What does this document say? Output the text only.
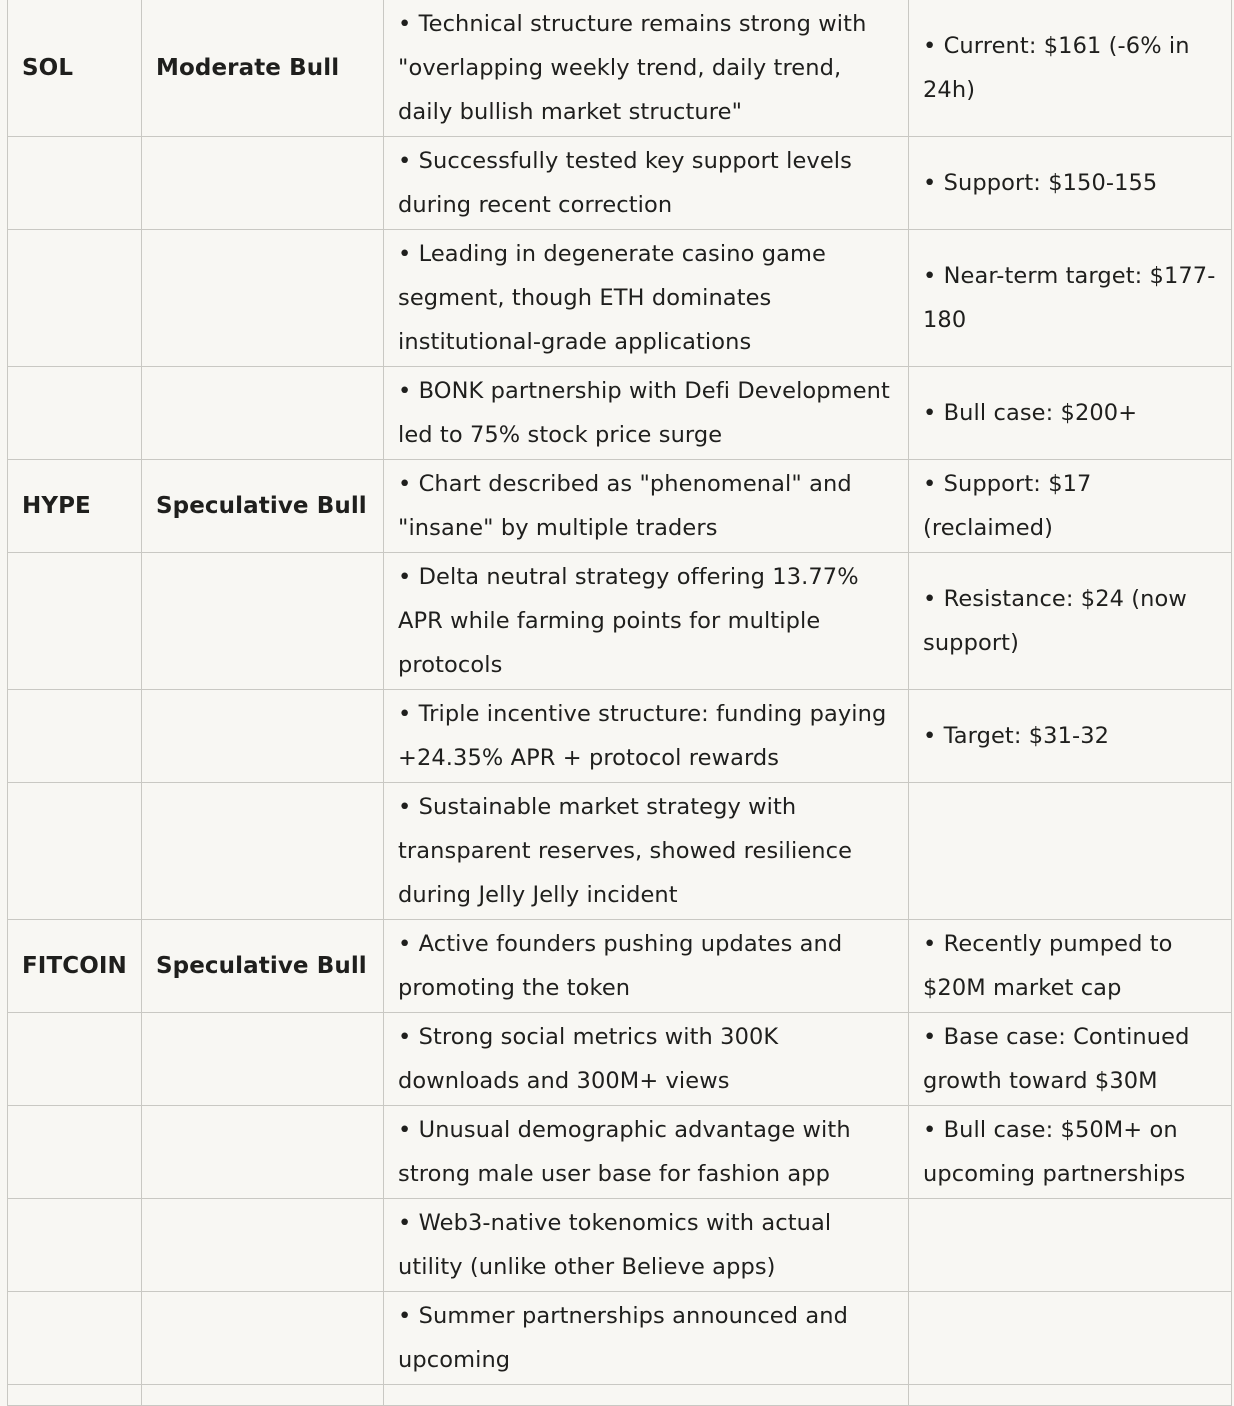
SOL	Moderate Bull	• Technical structure remains strong with "overlapping weekly trend, daily trend, daily bullish market structure"	• Current: $161 (-6% in 24h)
		• Successfully tested key support levels during recent correction	• Support: $150-155
		• Leading in degenerate casino game segment, though ETH dominates institutional-grade applications	• Near-term target: $177-180
		• BONK partnership with Defi Development led to 75% stock price surge	• Bull case: $200+
HYPE	Speculative Bull	• Chart described as "phenomenal" and "insane" by multiple traders	• Support: $17 (reclaimed)
		• Delta neutral strategy offering 13.77% APR while farming points for multiple protocols	• Resistance: $24 (now support)
		• Triple incentive structure: funding paying +24.35% APR + protocol rewards	• Target: $31-32
		• Sustainable market strategy with transparent reserves, showed resilience during Jelly Jelly incident	
FITCOIN	Speculative Bull	• Active founders pushing updates and promoting the token	• Recently pumped to $20M market cap
		• Strong social metrics with 300K downloads and 300M+ views	• Base case: Continued growth toward $30M
		• Unusual demographic advantage with strong male user base for fashion app	• Bull case: $50M+ on upcoming partnerships
		• Web3-native tokenomics with actual utility (unlike other Believe apps)	
		• Summer partnerships announced and upcoming	
